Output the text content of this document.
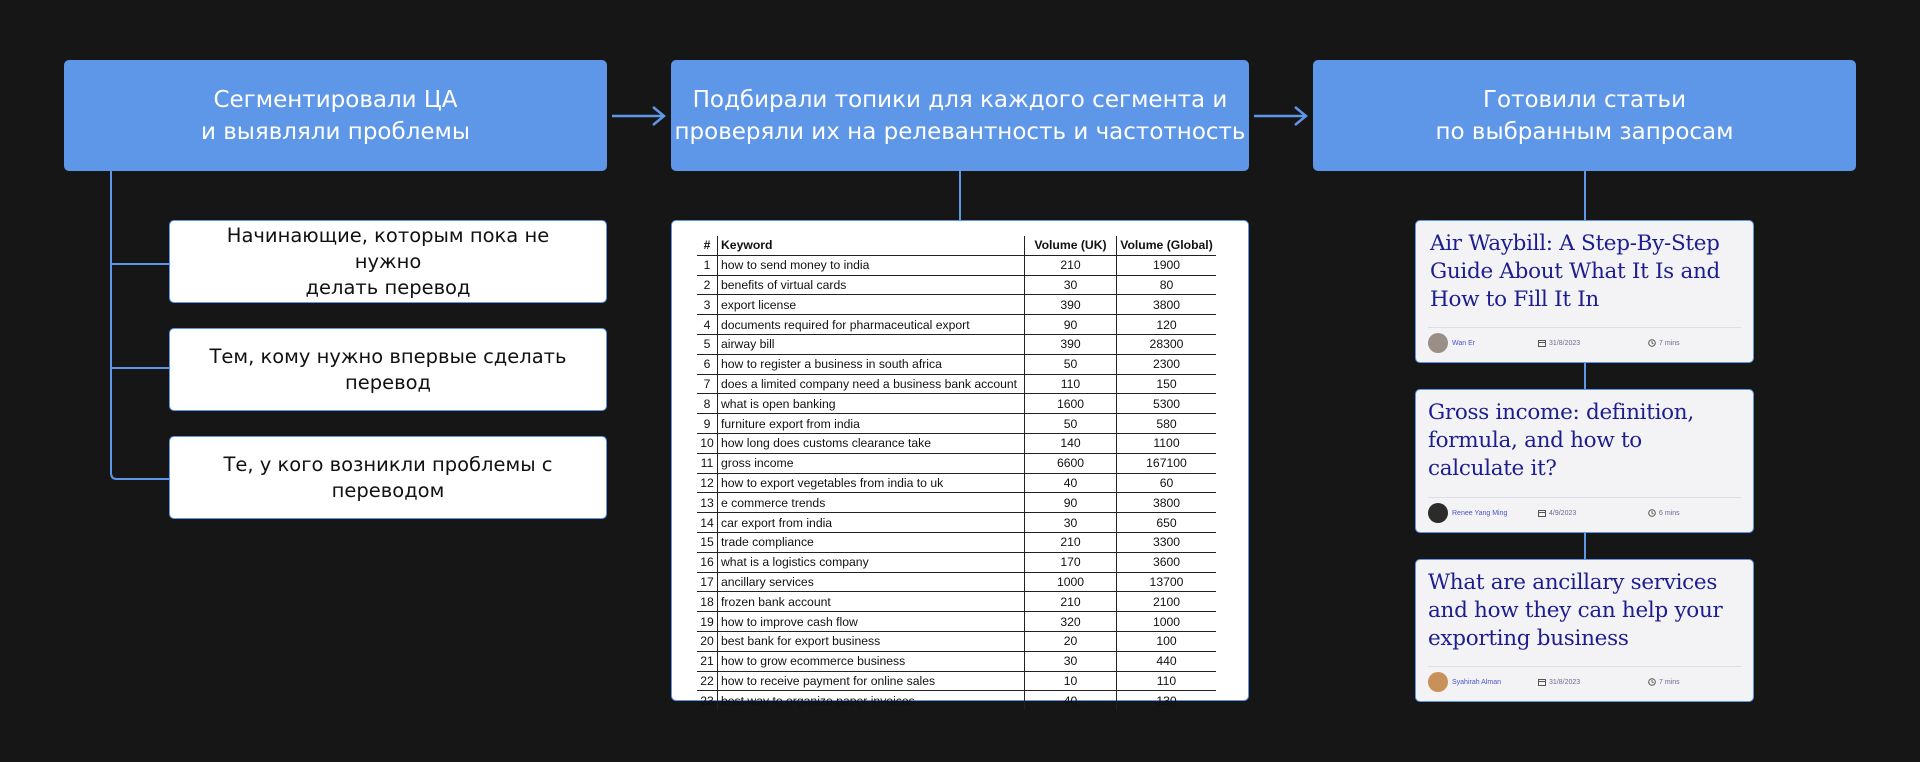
Сегментировали ЦА
и выявляли проблемы
Подбирали топики для каждого сегмента и
проверяли их на релевантность и частотность
Готовили статьи
по выбранным запросам
Начинающие, которым пока не нужно
делать перевод
Тем, кому нужно впервые сделать
перевод
Те, у кого возникли проблемы с
переводом
#	Keyword	Volume (UK)	Volume (Global)
1	how to send money to india	210	1900
2	benefits of virtual cards	30	80
3	export license	390	3800
4	documents required for pharmaceutical export	90	120
5	airway bill	390	28300
6	how to register a business in south africa	50	2300
7	does a limited company need a business bank account	110	150
8	what is open banking	1600	5300
9	furniture export from india	50	580
10	how long does customs clearance take	140	1100
11	gross income	6600	167100
12	how to export vegetables from india to uk	40	60
13	e commerce trends	90	3800
14	car export from india	30	650
15	trade compliance	210	3300
16	what is a logistics company	170	3600
17	ancillary services	1000	13700
18	frozen bank account	210	2100
19	how to improve cash flow	320	1000
20	best bank for export business	20	100
21	how to grow ecommerce business	30	440
22	how to receive payment for online sales	10	110
23	best way to organize paper invoices	40	130
Air Waybill: A Step-By-Step Guide About What It Is and How to Fill It In
Wan Er	31/8/2023	7 mins
Gross income: definition, formula, and how to calculate it?
Renee Yang Ming	4/9/2023	6 mins
What are ancillary services and how they can help your exporting business
Syahirah Alman	31/8/2023	7 mins
